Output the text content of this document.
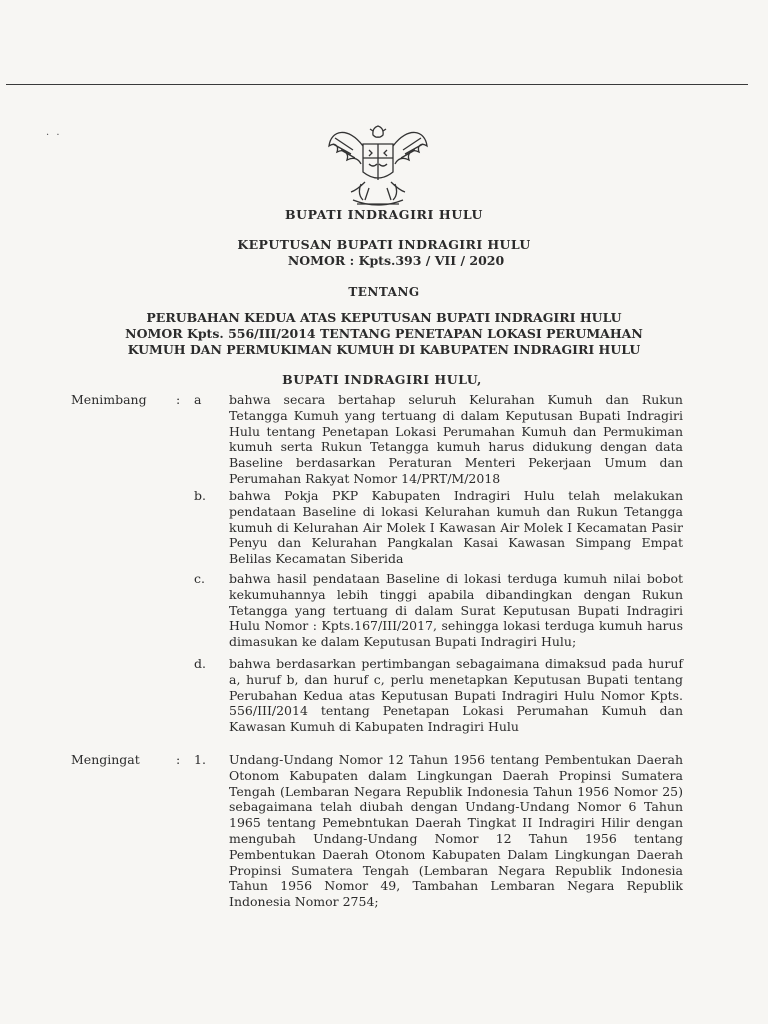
· ·
BUPATI INDRAGIRI HULU
KEPUTUSAN BUPATI INDRAGIRI HULU
NOMOR : Kpts.393 / VII / 2020
TENTANG
PERUBAHAN KEDUA ATAS KEPUTUSAN BUPATI INDRAGIRI HULU
NOMOR Kpts. 556/III/2014 TENTANG PENETAPAN LOKASI PERUMAHAN
KUMUH DAN PERMUKIMAN KUMUH DI KABUPATEN INDRAGIRI HULU
BUPATI INDRAGIRI HULU,
Menimbang : a bahwa secara bertahap seluruh Kelurahan Kumuh dan Rukun Tetangga Kumuh yang tertuang di dalam Keputusan Bupati Indragiri Hulu tentang Penetapan Lokasi Perumahan Kumuh dan Permukiman kumuh serta Rukun Tetangga kumuh harus didukung dengan data Baseline berdasarkan Peraturan Menteri Pekerjaan Umum dan Perumahan Rakyat Nomor 14/PRT/M/2018

b. bahwa Pokja PKP Kabupaten Indragiri Hulu telah melakukan pendataan Baseline di lokasi Kelurahan kumuh dan Rukun Tetangga kumuh di Kelurahan Air Molek I Kawasan Air Molek I Kecamatan Pasir Penyu dan Kelurahan Pangkalan Kasai Kawasan Simpang Empat Belilas Kecamatan Siberida

c. bahwa hasil pendataan Baseline di lokasi terduga kumuh nilai bobot kekumuhannya lebih tinggi apabila dibandingkan dengan Rukun Tetangga yang tertuang di dalam Surat Keputusan Bupati Indragiri Hulu Nomor : Kpts.167/III/2017, sehingga lokasi terduga kumuh harus dimasukan ke dalam Keputusan Bupati Indragiri Hulu;

d. bahwa berdasarkan pertimbangan sebagaimana dimaksud pada huruf a, huruf b, dan huruf c, perlu menetapkan Keputusan Bupati tentang Perubahan Kedua atas Keputusan Bupati Indragiri Hulu Nomor Kpts. 556/III/2014 tentang Penetapan Lokasi Perumahan Kumuh dan Kawasan Kumuh di Kabupaten Indragiri Hulu

Mengingat	: 1. Undang-Undang Nomor 12 Tahun 1956 tentang Pembentukan Daerah Otonom Kabupaten dalam Lingkungan Daerah Propinsi Sumatera Tengah (Lembaran Negara Republik Indonesia Tahun 1956 Nomor 25) sebagaimana telah diubah dengan Undang-Undang Nomor 6 Tahun 1965 tentang Pemebntukan Daerah Tingkat II Indragiri Hilir dengan mengubah Undang-Undang Nomor 12 Tahun 1956 tentang Pembentukan Daerah Otonom Kabupaten Dalam Lingkungan Daerah Propinsi Sumatera Tengah (Lembaran Negara Republik Indonesia Tahun 1956 Nomor 49, Tambahan Lembaran Negara Republik Indonesia Nomor 2754;
